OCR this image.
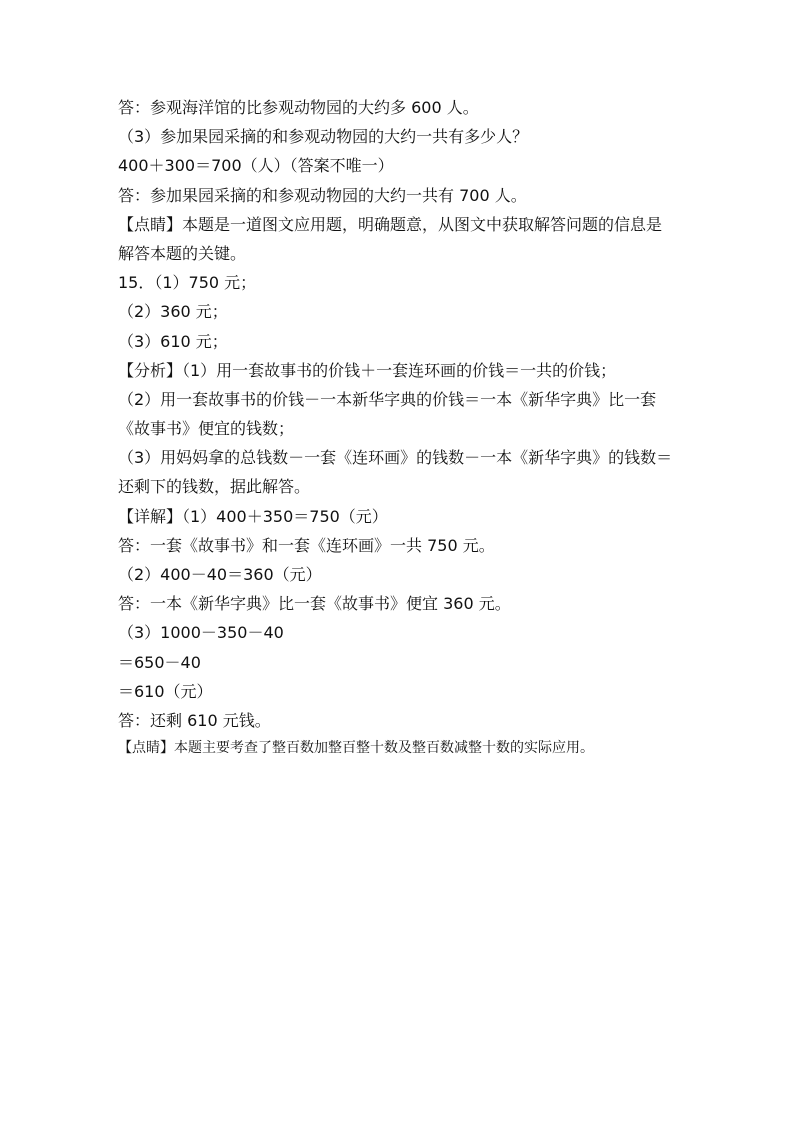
答：参观海洋馆的比参观动物园的大约多 600 人。
（3）参加果园采摘的和参观动物园的大约一共有多少人？
400＋300＝700（人）（答案不唯一）
答：参加果园采摘的和参观动物园的大约一共有 700 人。
【点睛】本题是一道图文应用题，明确题意，从图文中获取解答问题的信息是
解答本题的关键。
15．（1）750 元；
（2）360 元；
（3）610 元；
【分析】（1）用一套故事书的价钱＋一套连环画的价钱＝一共的价钱；
（2）用一套故事书的价钱－一本新华字典的价钱＝一本《新华字典》比一套
《故事书》便宜的钱数；
（3）用妈妈拿的总钱数－一套《连环画》的钱数－一本《新华字典》的钱数＝
还剩下的钱数，据此解答。
【详解】（1）400＋350＝750（元）
答：一套《故事书》和一套《连环画》一共 750 元。
（2）400－40＝360（元）
答：一本《新华字典》比一套《故事书》便宜 360 元。
（3）1000－350－40
＝650－40
＝610（元）
答：还剩 610 元钱。
【点睛】本题主要考查了整百数加整百整十数及整百数减整十数的实际应用。
